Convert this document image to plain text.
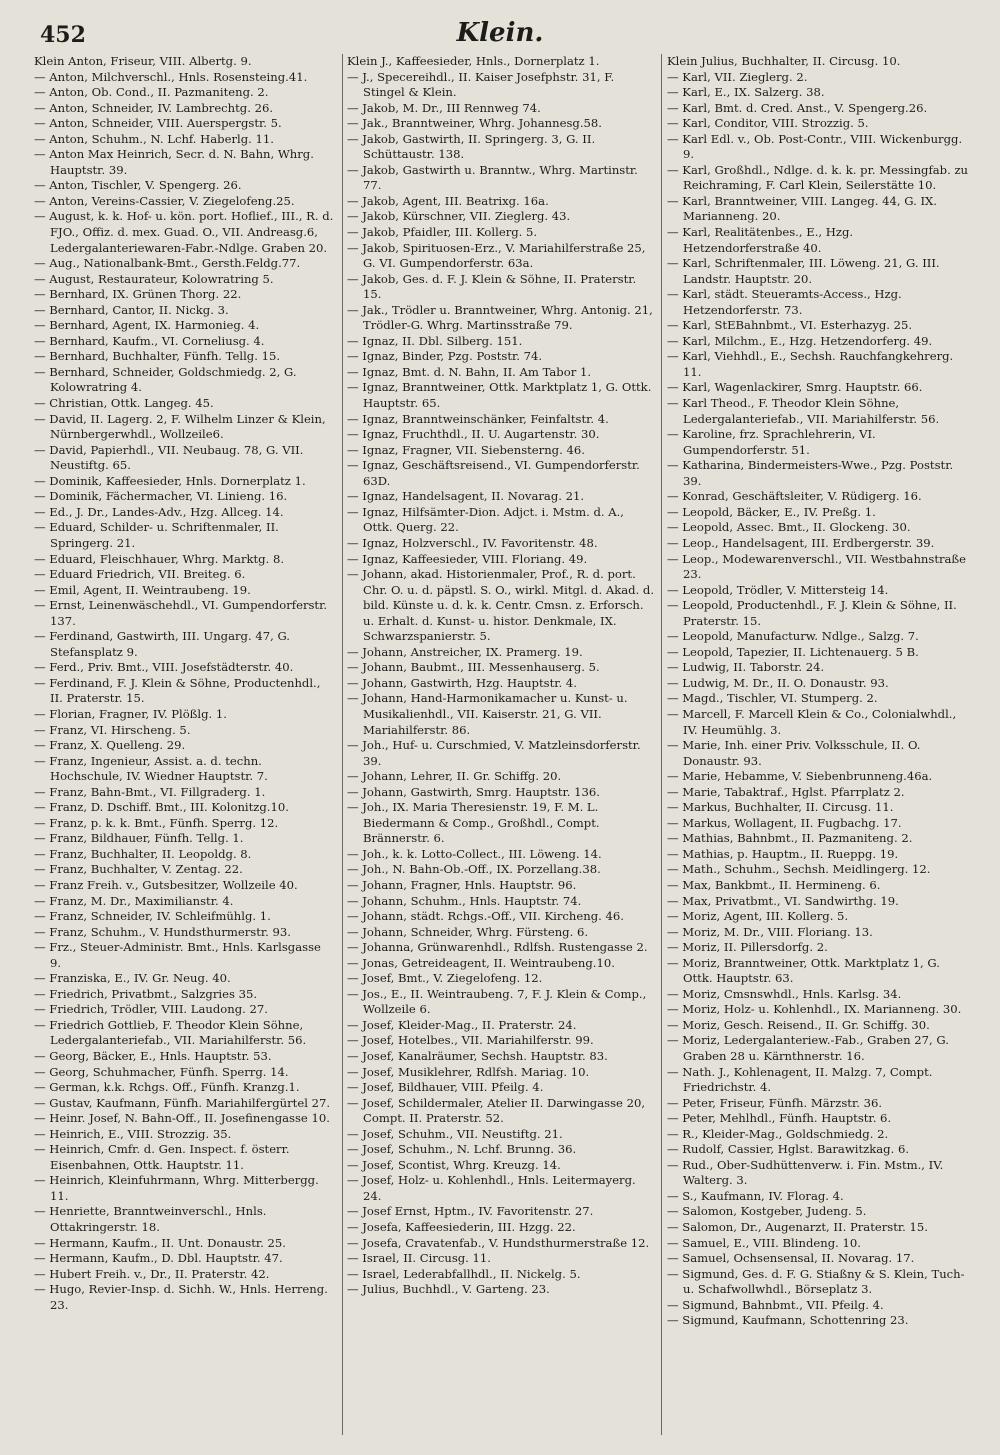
452	Klein.

Klein Anton, Friseur, VIII. Albertg. 9.

— Anton, Milchverschl., Hnls. Rosensteing.41.

— Anton, Ob. Cond., II. Pazmaniteng. 2.

— Anton, Schneider, IV. Lambrechtg. 26.

— Anton, Schneider, VIII. Auerspergstr. 5.

— Anton, Schuhm., N. Lchf. Haberlg. 11.

— Anton Max Heinrich, Secr. d. N. Bahn, Whrg. Hauptstr. 39.

— Anton, Tischler, V. Spengerg. 26.

— Anton, Vereins-Cassier, V. Ziegelofeng.25.

— August, k. k. Hof- u. kön. port. Hoflief., III., R. d. FJO., Offiz. d. mex. Guad. O., VII. Andreasg.6, Ledergalanteriewaren-Fabr.-Ndlge. Graben 20.

— Aug., Nationalbank-Bmt., Gersth.Feldg.77.

— August, Restaurateur, Kolowratring 5.

— Bernhard, IX. Grünen Thorg. 22.

— Bernhard, Cantor, II. Nickg. 3.

— Bernhard, Agent, IX. Harmonieg. 4.

— Bernhard, Kaufm., VI. Corneliusg. 4.

— Bernhard, Buchhalter, Fünfh. Tellg. 15.

— Bernhard, Schneider, Goldschmiedg. 2, G. Kolowratring 4.

— Christian, Ottk. Langeg. 45.

— David, II. Lagerg. 2, F. Wilhelm Linzer & Klein, Nürnbergerwhdl., Wollzeile6.

— David, Papierhdl., VII. Neubaug. 78, G. VII. Neustiftg. 65.

— Dominik, Kaffeesieder, Hnls. Dornerplatz 1.

— Dominik, Fächermacher, VI. Linieng. 16.

— Ed., J. Dr., Landes-Adv., Hzg. Allceg. 14.

— Eduard, Schilder- u. Schriftenmaler, II. Springerg. 21.

— Eduard, Fleischhauer, Whrg. Marktg. 8.

— Eduard Friedrich, VII. Breiteg. 6.

— Emil, Agent, II. Weintraubeng. 19.

— Ernst, Leinenwäschehdl., VI. Gumpendorferstr. 137.

— Ferdinand, Gastwirth, III. Ungarg. 47, G. Stefansplatz 9.

— Ferd., Priv. Bmt., VIII. Josefstädterstr. 40.

— Ferdinand, F. J. Klein & Söhne, Productenhdl., II. Praterstr. 15.

— Florian, Fragner, IV. Plößlg. 1.

— Franz, VI. Hirscheng. 5.

— Franz, X. Quelleng. 29.

— Franz, Ingenieur, Assist. a. d. techn. Hochschule, IV. Wiedner Hauptstr. 7.

— Franz, Bahn-Bmt., VI. Fillgraderg. 1.

— Franz, D. Dschiff. Bmt., III. Kolonitzg.10.

— Franz, p. k. k. Bmt., Fünfh. Sperrg. 12.

— Franz, Bildhauer, Fünfh. Tellg. 1.

— Franz, Buchhalter, II. Leopoldg. 8.

— Franz, Buchhalter, V. Zentag. 22.

— Franz Freih. v., Gutsbesitzer, Wollzeile 40.

— Franz, M. Dr., Maximilianstr. 4.

— Franz, Schneider, IV. Schleifmühlg. 1.

— Franz, Schuhm., V. Hundsthurmerstr. 93.

— Frz., Steuer-Administr. Bmt., Hnls. Karlsgasse 9.

— Franziska, E., IV. Gr. Neug. 40.

— Friedrich, Privatbmt., Salzgries 35.

— Friedrich, Trödler, VIII. Laudong. 27.

— Friedrich Gottlieb, F. Theodor Klein Söhne, Ledergalanteriefab., VII. Mariahilferstr. 56.

— Georg, Bäcker, E., Hnls. Hauptstr. 53.

— Georg, Schuhmacher, Fünfh. Sperrg. 14.

— German, k.k. Rchgs. Off., Fünfh. Kranzg.1.

— Gustav, Kaufmann, Fünfh. Mariahilfergürtel 27.

— Heinr. Josef, N. Bahn-Off., II. Josefinengasse 10.

— Heinrich, E., VIII. Strozzig. 35.

— Heinrich, Cmfr. d. Gen. Inspect. f. österr. Eisenbahnen, Ottk. Hauptstr. 11.

— Heinrich, Kleinfuhrmann, Whrg. Mitterbergg. 11.

— Henriette, Branntweinverschl., Hnls. Ottakringerstr. 18.

— Hermann, Kaufm., II. Unt. Donaustr. 25.

— Hermann, Kaufm., D. Dbl. Hauptstr. 47.

— Hubert Freih. v., Dr., II. Praterstr. 42.

— Hugo, Revier-Insp. d. Sichh. W., Hnls. Herreng. 23.

Klein J., Kaffeesieder, Hnls., Dornerplatz 1.

— J., Specereihdl., II. Kaiser Josefphstr. 31, F. Stingel & Klein.

— Jakob, M. Dr., III Rennweg 74.

— Jak., Branntweiner, Whrg. Johannesg.58.

— Jakob, Gastwirth, II. Springerg. 3, G. II. Schüttaustr. 138.

— Jakob, Gastwirth u. Branntw., Whrg. Martinstr. 77.

— Jakob, Agent, III. Beatrixg. 16a.

— Jakob, Kürschner, VII. Zieglerg. 43.

— Jakob, Pfaidler, III. Kollerg. 5.

— Jakob, Spirituosen-Erz., V. Mariahilferstraße 25, G. VI. Gumpendorferstr. 63a.

— Jakob, Ges. d. F. J. Klein & Söhne, II. Praterstr. 15.

— Jak., Trödler u. Branntweiner, Whrg. Antonig. 21, Trödler-G. Whrg. Martinsstraße 79.

— Ignaz, II. Dbl. Silberg. 151.

— Ignaz, Binder, Pzg. Poststr. 74.

— Ignaz, Bmt. d. N. Bahn, II. Am Tabor 1.

— Ignaz, Branntweiner, Ottk. Marktplatz 1, G. Ottk. Hauptstr. 65.

— Ignaz, Branntweinschänker, Feinfaltstr. 4.

— Ignaz, Fruchthdl., II. U. Augartenstr. 30.

— Ignaz, Fragner, VII. Siebensterng. 46.

— Ignaz, Geschäftsreisend., VI. Gumpendorferstr. 63D.

— Ignaz, Handelsagent, II. Novarag. 21.

— Ignaz, Hilfsämter-Dion. Adjct. i. Mstm. d. A., Ottk. Querg. 22.

— Ignaz, Holzverschl., IV. Favoritenstr. 48.

— Ignaz, Kaffeesieder, VIII. Floriang. 49.

— Johann, akad. Historienmaler, Prof., R. d. port. Chr. O. u. d. päpstl. S. O., wirkl. Mitgl. d. Akad. d. bild. Künste u. d. k. k. Centr. Cmsn. z. Erforsch. u. Erhalt. d. Kunst- u. histor. Denkmale, IX. Schwarzspanierstr. 5.

— Johann, Anstreicher, IX. Pramerg. 19.

— Johann, Baubmt., III. Messenhauserg. 5.

— Johann, Gastwirth, Hzg. Hauptstr. 4.

— Johann, Hand-Harmonikamacher u. Kunst- u. Musikalienhdl., VII. Kaiserstr. 21, G. VII. Mariahilferstr. 86.

— Joh., Huf- u. Curschmied, V. Matzleinsdorferstr. 39.

— Johann, Lehrer, II. Gr. Schiffg. 20.

— Johann, Gastwirth, Smrg. Hauptstr. 136.

— Joh., IX. Maria Theresienstr. 19, F. M. L. Biedermann & Comp., Großhdl., Compt. Brännerstr. 6.

— Joh., k. k. Lotto-Collect., III. Löweng. 14.

— Joh., N. Bahn-Ob.-Off., IX. Porzellang.38.

— Johann, Fragner, Hnls. Hauptstr. 96.

— Johann, Schuhm., Hnls. Hauptstr. 74.

— Johann, städt. Rchgs.-Off., VII. Kircheng. 46.

— Johann, Schneider, Whrg. Fürsteng. 6.

— Johanna, Grünwarenhdl., Rdlfsh. Rustengasse 2.

— Jonas, Getreideagent, II. Weintraubeng.10.

— Josef, Bmt., V. Ziegelofeng. 12.

— Jos., E., II. Weintraubeng. 7, F. J. Klein & Comp., Wollzeile 6.

— Josef, Kleider-Mag., II. Praterstr. 24.

— Josef, Hotelbes., VII. Mariahilferstr. 99.

— Josef, Kanalräumer, Sechsh. Hauptstr. 83.

— Josef, Musiklehrer, Rdlfsh. Mariag. 10.

— Josef, Bildhauer, VIII. Pfeilg. 4.

— Josef, Schildermaler, Atelier II. Darwingasse 20, Compt. II. Praterstr. 52.

— Josef, Schuhm., VII. Neustiftg. 21.

— Josef, Schuhm., N. Lchf. Brunng. 36.

— Josef, Scontist, Whrg. Kreuzg. 14.

— Josef, Holz- u. Kohlenhdl., Hnls. Leitermayerg. 24.

— Josef Ernst, Hptm., IV. Favoritenstr. 27.

— Josefa, Kaffeesiederin, III. Hzgg. 22.

— Josefa, Cravatenfab., V. Hundsthurmerstraße 12.

— Israel, II. Circusg. 11.

— Israel, Lederabfallhdl., II. Nickelg. 5.

— Julius, Buchhdl., V. Garteng. 23.

Klein Julius, Buchhalter, II. Circusg. 10.

— Karl, VII. Zieglerg. 2.

— Karl, E., IX. Salzerg. 38.

— Karl, Bmt. d. Cred. Anst., V. Spengerg.26.

— Karl, Conditor, VIII. Strozzig. 5.

— Karl Edl. v., Ob. Post-Contr., VIII. Wickenburgg. 9.

— Karl, Großhdl., Ndlge. d. k. k. pr. Messingfab. zu Reichraming, F. Carl Klein, Seilerstätte 10.

— Karl, Branntweiner, VIII. Langeg. 44, G. IX. Marianneng. 20.

— Karl, Realitätenbes., E., Hzg. Hetzendorferstraße 40.

— Karl, Schriftenmaler, III. Löweng. 21, G. III. Landstr. Hauptstr. 20.

— Karl, städt. Steueramts-Access., Hzg. Hetzendorferstr. 73.

— Karl, StEBahnbmt., VI. Esterhazyg. 25.

— Karl, Milchm., E., Hzg. Hetzendorferg. 49.

— Karl, Viehhdl., E., Sechsh. Rauchfangkehrerg. 11.

— Karl, Wagenlackirer, Smrg. Hauptstr. 66.

— Karl Theod., F. Theodor Klein Söhne, Ledergalanteriefab., VII. Mariahilferstr. 56.

— Karoline, frz. Sprachlehrerin, VI. Gumpendorferstr. 51.

— Katharina, Bindermeisters-Wwe., Pzg. Poststr. 39.

— Konrad, Geschäftsleiter, V. Rüdigerg. 16.

— Leopold, Bäcker, E., IV. Preßg. 1.

— Leopold, Assec. Bmt., II. Glockeng. 30.

— Leop., Handelsagent, III. Erdbergerstr. 39.

— Leop., Modewarenverschl., VII. Westbahnstraße 23.

— Leopold, Trödler, V. Mittersteig 14.

— Leopold, Productenhdl., F. J. Klein & Söhne, II. Praterstr. 15.

— Leopold, Manufacturw. Ndlge., Salzg. 7.

— Leopold, Tapezier, II. Lichtenauerg. 5 B.

— Ludwig, II. Taborstr. 24.

— Ludwig, M. Dr., II. O. Donaustr. 93.

— Magd., Tischler, VI. Stumperg. 2.

— Marcell, F. Marcell Klein & Co., Colonialwhdl., IV. Heumühlg. 3.

— Marie, Inh. einer Priv. Volksschule, II. O. Donaustr. 93.

— Marie, Hebamme, V. Siebenbrunneng.46a.

— Marie, Tabaktraf., Hglst. Pfarrplatz 2.

— Markus, Buchhalter, II. Circusg. 11.

— Markus, Wollagent, II. Fugbachg. 17.

— Mathias, Bahnbmt., II. Pazmaniteng. 2.

— Mathias, p. Hauptm., II. Rueppg. 19.

— Math., Schuhm., Sechsh. Meidlingerg. 12.

— Max, Bankbmt., II. Hermineng. 6.

— Max, Privatbmt., VI. Sandwirthg. 19.

— Moriz, Agent, III. Kollerg. 5.

— Moriz, M. Dr., VIII. Floriang. 13.

— Moriz, II. Pillersdorfg. 2.

— Moriz, Branntweiner, Ottk. Marktplatz 1, G. Ottk. Hauptstr. 63.

— Moriz, Cmsnswhdl., Hnls. Karlsg. 34.

— Moriz, Holz- u. Kohlenhdl., IX. Marianneng. 30.

— Moriz, Gesch. Reisend., II. Gr. Schiffg. 30.

— Moriz, Ledergalanteriew.-Fab., Graben 27, G. Graben 28 u. Kärnthnerstr. 16.

— Nath. J., Kohlenagent, II. Malzg. 7, Compt. Friedrichstr. 4.

— Peter, Friseur, Fünfh. Märzstr. 36.

— Peter, Mehlhdl., Fünfh. Hauptstr. 6.

— R., Kleider-Mag., Goldschmiedg. 2.

— Rudolf, Cassier, Hglst. Barawitzkag. 6.

— Rud., Ober-Sudhüttenverw. i. Fin. Mstm., IV. Walterg. 3.

— S., Kaufmann, IV. Florag. 4.

— Salomon, Kostgeber, Judeng. 5.

— Salomon, Dr., Augenarzt, II. Praterstr. 15.

— Samuel, E., VIII. Blindeng. 10.

— Samuel, Ochsensensal, II. Novarag. 17.

— Sigmund, Ges. d. F. G. Stiaßny & S. Klein, Tuch- u. Schafwollwhdl., Börseplatz 3.

— Sigmund, Bahnbmt., VII. Pfeilg. 4.

— Sigmund, Kaufmann, Schottenring 23.
